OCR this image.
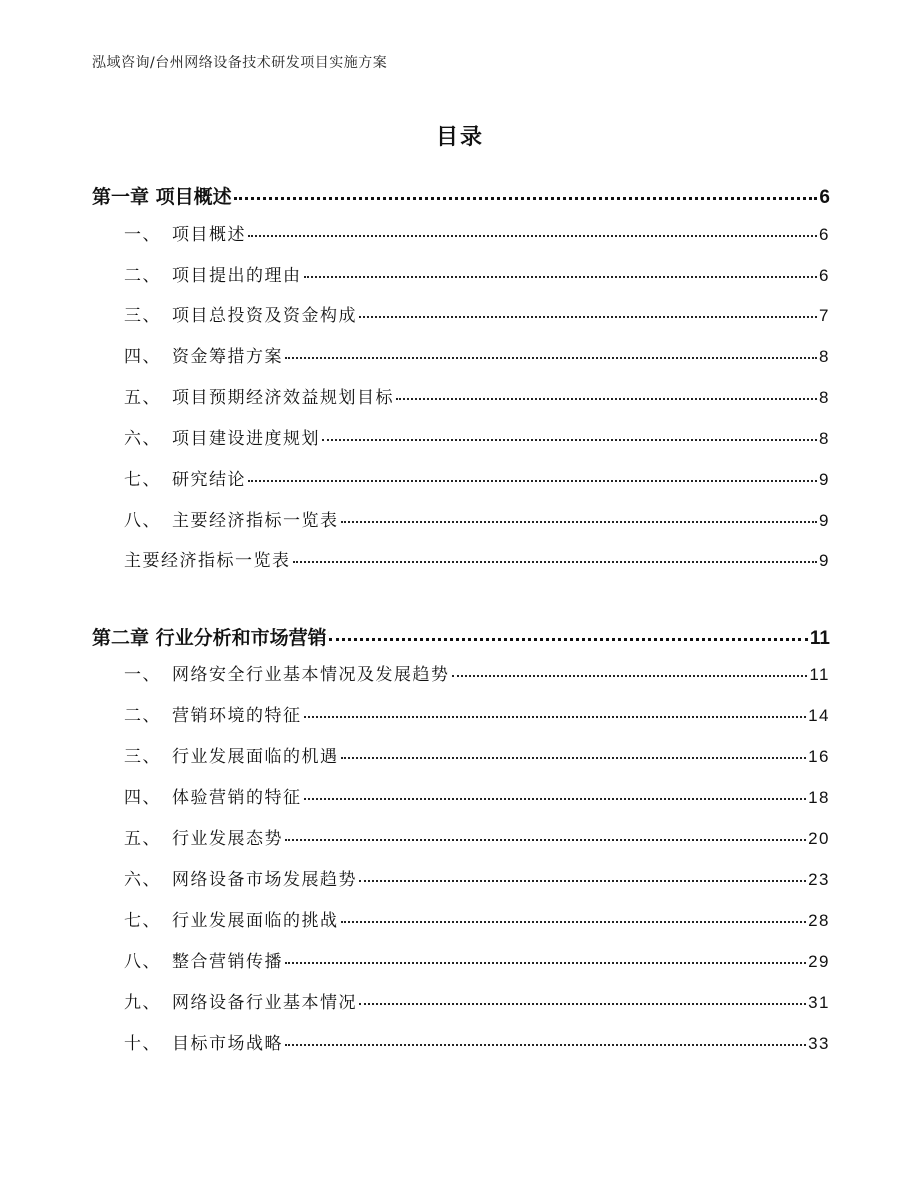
泓域咨询/台州网络设备技术研发项目实施方案
目录
第一章 项目概述	6
一、 项目概述	6
二、 项目提出的理由	6
三、 项目总投资及资金构成	7
四、 资金筹措方案	8
五、 项目预期经济效益规划目标	8
六、 项目建设进度规划	8
七、 研究结论	9
八、 主要经济指标一览表	9
主要经济指标一览表	9
第二章 行业分析和市场营销	11
一、 网络安全行业基本情况及发展趋势	11
二、 营销环境的特征	14
三、 行业发展面临的机遇	16
四、 体验营销的特征	18
五、 行业发展态势	20
六、 网络设备市场发展趋势	23
七、 行业发展面临的挑战	28
八、 整合营销传播	29
九、 网络设备行业基本情况	31
十、 目标市场战略	33
